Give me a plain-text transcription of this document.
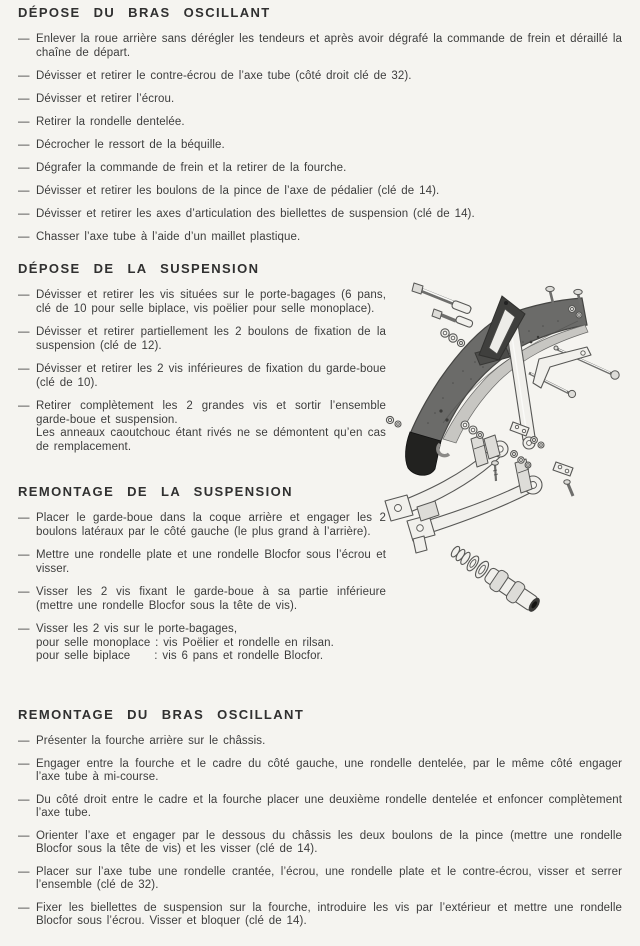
DÉPOSE DU BRAS OSCILLANT
— Enlever la roue arrière sans dérégler les tendeurs et après avoir dégrafé la commande de frein et déraillé la chaîne de départ.
— Dévisser et retirer le contre-écrou de l’axe tube (côté droit clé de 32).
— Dévisser et retirer l’écrou.
— Retirer la rondelle dentelée.
— Décrocher le ressort de la béquille.
— Dégrafer la commande de frein et la retirer de la fourche.
— Dévisser et retirer les boulons de la pince de l’axe de pédalier (clé de 14).
— Dévisser et retirer les axes d’articulation des biellettes de suspension (clé de 14).
— Chasser l’axe tube à l’aide d’un maillet plastique.
DÉPOSE DE LA SUSPENSION
— Dévisser et retirer les vis situées sur le porte-bagages (6 pans, clé de 10 pour selle biplace, vis poëlier pour selle monoplace).
— Dévisser et retirer partiellement les 2 boulons de fixation de la suspension (clé de 12).
— Dévisser et retirer les 2 vis inférieures de fixation du garde-boue (clé de 10).
— Retirer complètement les 2 grandes vis et sortir l’ensemble garde-boue et suspension.
Les anneaux caoutchouc étant rivés ne se démontent qu’en cas de remplacement.
REMONTAGE DE LA SUSPENSION
— Placer le garde-boue dans la coque arrière et engager les 2 boulons latéraux par le côté gauche (le plus grand à l’arrière).
— Mettre une rondelle plate et une rondelle Blocfor sous l’écrou et visser.
— Visser les 2 vis fixant le garde-boue à sa partie inférieure (mettre une rondelle Blocfor sous la tête de vis).
— Visser les 2 vis sur le porte-bagages,
pour selle monoplace : vis Poëlier et rondelle en rilsan.
pour selle biplace     : vis 6 pans et rondelle Blocfor.
REMONTAGE DU BRAS OSCILLANT
— Présenter la fourche arrière sur le châssis.
— Engager entre la fourche et le cadre du côté gauche, une rondelle dentelée, par le même côté engager l’axe tube à mi-course.
— Du côté droit entre le cadre et la fourche placer une deuxième rondelle dentelée et enfoncer complètement l’axe tube.
— Orienter l’axe et engager par le dessous du châssis les deux boulons de la pince (mettre une rondelle Blocfor sous la tête de vis) et les visser (clé de 14).
— Placer sur l’axe tube une rondelle crantée, l’écrou, une rondelle plate et le contre-écrou, visser et serrer l’ensemble (clé de 32).
— Fixer les biellettes de suspension sur la fourche, introduire les vis par l’extérieur et mettre une rondelle Blocfor sous l’écrou. Visser et bloquer (clé de 14).
